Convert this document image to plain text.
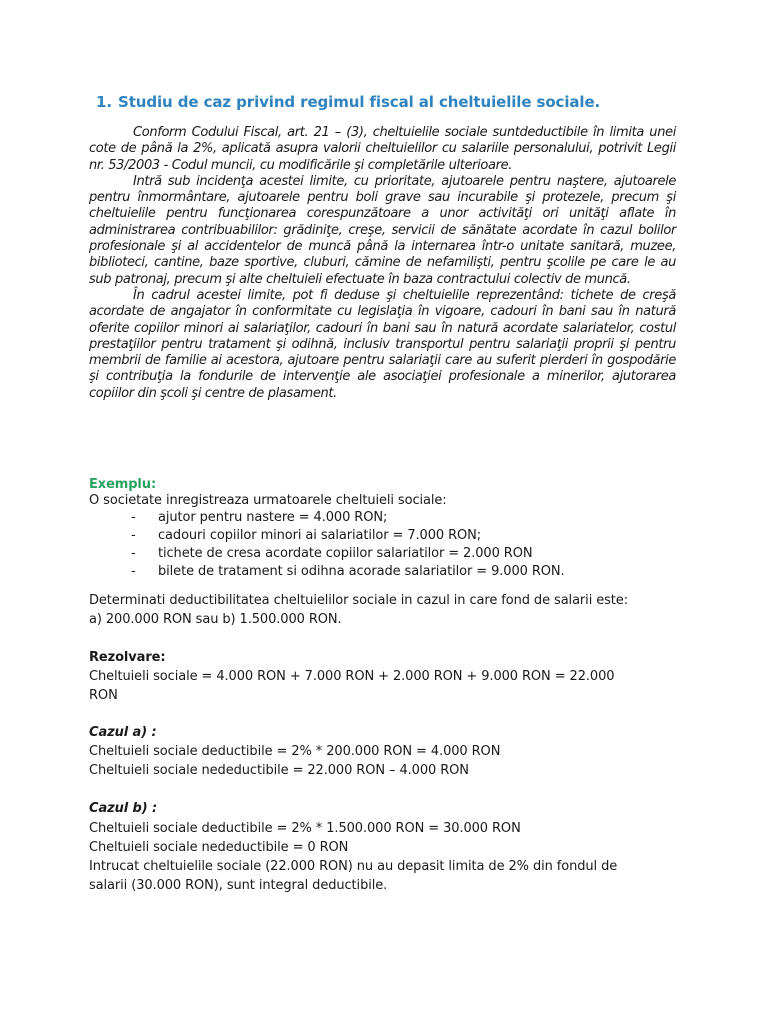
1. Studiu de caz privind regimul fiscal al cheltuielile sociale.

Conform Codului Fiscal, art. 21 – (3), cheltuielile sociale suntdeductibile în limita unei cote de până la 2%, aplicată asupra valorii cheltuielilor cu salariile personalului, potrivit Legii nr. 53/2003 - Codul muncii, cu modificările şi completările ulterioare.

Intră sub incidenţa acestei limite, cu prioritate, ajutoarele pentru naştere, ajutoarele pentru înmormântare, ajutoarele pentru boli grave sau incurabile şi protezele, precum şi cheltuielile pentru funcţionarea corespunzătoare a unor activităţi ori unităţi aflate în administrarea contribuabililor: grădiniţe, creşe, servicii de sănătate acordate în cazul bolilor profesionale şi al accidentelor de muncă până la internarea într-o unitate sanitară, muzee, biblioteci, cantine, baze sportive, cluburi, cămine de nefamilişti, pentru şcolile pe care le au sub patronaj, precum şi alte cheltuieli efectuate în baza contractului colectiv de muncă.

În cadrul acestei limite, pot fi deduse şi cheltuielile reprezentând: tichete de creşă acordate de angajator în conformitate cu legislaţia în vigoare, cadouri în bani sau în natură oferite copiilor minori ai salariaţilor, cadouri în bani sau în natură acordate salariatelor, costul prestaţiilor pentru tratament şi odihnă, inclusiv transportul pentru salariaţii proprii şi pentru membrii de familie ai acestora, ajutoare pentru salariaţii care au suferit pierderi în gospodărie şi contribuţia la fondurile de intervenţie ale asociaţiei profesionale a minerilor, ajutorarea copiilor din şcoli şi centre de plasament.

Exemplu:
O societate inregistreaza urmatoarele cheltuieli sociale:
- ajutor pentru nastere = 4.000 RON;
- cadouri copiilor minori ai salariatilor = 7.000 RON;
- tichete de cresa acordate copiilor salariatilor = 2.000 RON
- bilete de tratament si odihna acorade salariatilor = 9.000 RON.

Determinati deductibilitatea cheltuielilor sociale in cazul in care fond de salarii este:

a) 200.000 RON sau b) 1.500.000 RON.

Rezolvare:

Cheltuieli sociale = 4.000 RON + 7.000 RON + 2.000 RON + 9.000 RON = 22.000

RON

Cazul a) :

Cheltuieli sociale deductibile = 2% * 200.000 RON = 4.000 RON

Cheltuieli sociale nedeductibile = 22.000 RON – 4.000 RON

Cazul b) :

Cheltuieli sociale deductibile = 2% * 1.500.000 RON = 30.000 RON

Cheltuieli sociale nedeductibile = 0 RON

Intrucat cheltuielile sociale (22.000 RON) nu au depasit limita de 2% din fondul de

salarii (30.000 RON), sunt integral deductibile.
